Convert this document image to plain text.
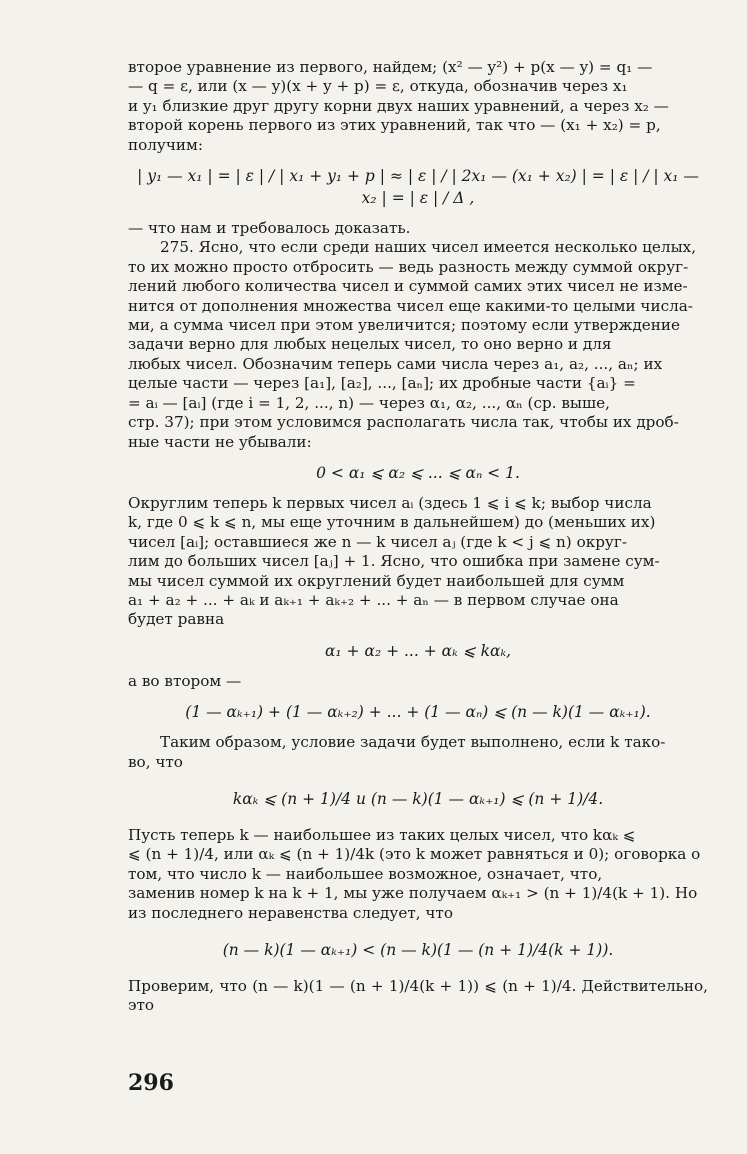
второе уравнение из первого, найдем; (x² — y²) + p(x — y) = q₁ —

— q = ε, или (x — y)(x + y + p) = ε, откуда, обозначив через x₁

и y₁ близкие друг другу корни двух наших уравнений, а через x₂ —

второй корень первого из этих уравнений, так что — (x₁ + x₂) = p,

получим:

| y₁ — x₁ | = | ε | / | x₁ + y₁ + p | ≈ | ε | / | 2x₁ — (x₁ + x₂) | = | ε | / | x₁ — x₂ | = | ε | / Δ ,

— что нам и требовалось доказать.

275. Ясно, что если среди наших чисел имеется несколько целых,

то их можно просто отбросить — ведь разность между суммой округ-

лений любого количества чисел и суммой самих этих чисел не изме-

нится от дополнения множества чисел еще какими-то целыми числа-

ми, а сумма чисел при этом увеличится; поэтому если утверждение

задачи верно для любых нецелых чисел, то оно верно и для

любых чисел. Обозначим теперь сами числа через a₁, a₂, ..., aₙ; их

целые части — через [a₁], [a₂], ..., [aₙ]; их дробные части {aᵢ} =

= aᵢ — [aᵢ] (где i = 1, 2, ..., n) — через α₁, α₂, ..., αₙ (ср. выше,

стр. 37); при этом условимся располагать числа так, чтобы их дроб-

ные части не убывали:

0 < α₁ ⩽ α₂ ⩽ ... ⩽ αₙ < 1.

Округлим теперь k первых чисел aᵢ (здесь 1 ⩽ i ⩽ k; выбор числа

k, где 0 ⩽ k ⩽ n, мы еще уточним в дальнейшем) до (меньших их)

чисел [aᵢ]; оставшиеся же n — k чисел aⱼ (где k < j ⩽ n) округ-

лим до больших чисел [aⱼ] + 1. Ясно, что ошибка при замене сум-

мы чисел суммой их округлений будет наибольшей для сумм

a₁ + a₂ + ... + aₖ и aₖ₊₁ + aₖ₊₂ + ... + aₙ — в первом случае она

будет равна

α₁ + α₂ + ... + αₖ ⩽ kαₖ,

а во втором —

(1 — αₖ₊₁) + (1 — αₖ₊₂) + ... + (1 — αₙ) ⩽ (n — k)(1 — αₖ₊₁).

Таким образом, условие задачи будет выполнено, если k тако-

во, что

kαₖ ⩽ (n + 1)/4 и (n — k)(1 — αₖ₊₁) ⩽ (n + 1)/4.

Пусть теперь k — наибольшее из таких целых чисел, что kαₖ ⩽

⩽ (n + 1)/4, или αₖ ⩽ (n + 1)/4k (это k может равняться и 0); оговорка о

том, что число k — наибольшее возможное, означает, что,

заменив номер k на k + 1, мы уже получаем αₖ₊₁ > (n + 1)/4(k + 1). Но

из последнего неравенства следует, что

(n — k)(1 — αₖ₊₁) < (n — k)(1 — (n + 1)/4(k + 1)).

Проверим, что (n — k)(1 — (n + 1)/4(k + 1)) ⩽ (n + 1)/4. Действительно, это

296
